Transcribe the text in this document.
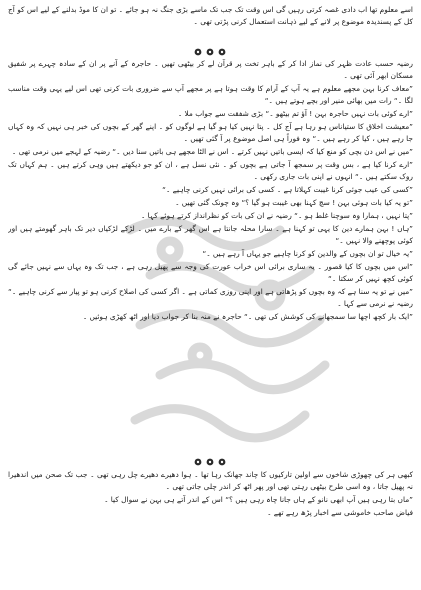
اسے معلوم تھا اب دادی غصہ کرتی رہیں گی اس وقت تک جب تک ماسے بڑی جنگ نہ ہو جائے ۔ تو ان کا موڈ بدلنے کے لیے اس کو آج کل کے پسندیدہ موضوع پر لانے کے لیے ذہانت استعمال کرنی پڑتی تھی ۔

رضیہ حسب عادت ظہر کی نماز ادا کر کے باہر تخت پر قرآن لے کر بیٹھی تھیں ۔ حاجرہ کے آنے پر ان کے سادہ چہرے پر شفیق مسکان ابھر آئی تھی ۔

”معاف کرنا بہن مجھے معلوم ہے یہ آپ کے آرام کا وقت ہوتا ہے پر مجھے آپ سے ضروری بات کرنی تھی اس لیے یہی وقت مناسب لگا ۔“ رات میں بھائی منیر اور بچے ہوتے ہیں ۔“

”ارے کوئی بات نہیں حاجرہ بہن ! آؤ تم بیٹھو ۔“ بڑی شفقت سے جواب ملا ۔

”معیشت اخلاق کا ستیاناس ہو رہا ہے آج کل ۔ پتا نہیں کیا ہو گیا ہے لوگوں کو ۔ اپنے گھر کے بچوں کی خبر ہی نہیں کہ وہ کہاں جا رہے ہیں ، کیا کر رہے ہیں ۔“ وہ فوراً ہی اصل موضوع پر آ گئی تھیں ۔

”میں نے اس دن بچی کو منع کیا کہ ایسی باتیں نہیں کرتے ۔ اس نے الٹا مجھے ہی باتیں سنا دیں ۔“ رضیہ کے لہجے میں نرمی تھی ۔

”ارے کرنا کیا ہے ، بس وقت پر سمجھ آ جاتی ہے بچوں کو ۔ نئی نسل ہے ، ان کو جو دیکھتے ہیں وہی کرتے ہیں ۔ ہم کہاں تک روک سکتے ہیں ۔“ انہوں نے اپنی بات جاری رکھی ۔

”کسی کی عیب جوئی کرنا غیبت کہلاتا ہے ۔ کسی کی برائی نہیں کرنی چاہیے ۔“

”تو یہ کیا بات ہوئی بہن ! سچ کہنا بھی غیبت ہو گیا ؟“ وہ چونک گئی تھیں ۔

”پتا نہیں ، ہمارا وہ سوچنا غلط ہو ۔“ رضیہ نے ان کی بات کو نظرانداز کرتے ہوئے کہا ۔

”ہاں ! بہن ہمارے دین کا یہی تو کہنا ہے ۔ سارا محلہ جانتا ہے اس گھر کے بارے میں ۔ لڑکے لڑکیاں دیر تک باہر گھومتے ہیں اور کوئی پوچھنے والا نہیں ۔“

”یہ خیال تو ان بچوں کے والدین کو کرنا چاہیے جو یہاں آ رہے ہیں ۔“

”اس میں بچوں کا کیا قصور ۔ یہ ساری برائی اس خراب عورت کی وجہ سے پھیل رہی ہے ، جب تک وہ یہاں سے نہیں جائے گی کوئی کچھ نہیں کر سکتا ۔“

”میں نے تو یہ سنا ہے کہ وہ بچوں کو پڑھاتی ہے اور اپنی روزی کماتی ہے ۔ اگر کسی کی اصلاح کرنی ہو تو پیار سے کرنی چاہیے ۔“ رضیہ نے نرمی سے کہا ۔

”ایک بار کچھ اچھا سا سمجھانے کی کوشش کی تھی ۔“ حاجرہ نے منہ بنا کر جواب دیا اور اٹھ کھڑی ہوئیں ۔

کبھی ہر کی چھوڑی شاخوں سے اولین تارکیوں کا چاند جھانک رہا تھا ۔ ہوا دھیرے دھیرے چل رہی تھی ۔ جب تک صحن میں اندھیرا نہ پھیل جاتا ، وہ اسی طرح بیٹھی رہتی تھی اور پھر اٹھ کر اندر چلی جاتی تھی ۔

”ماں بتا رہی ہیں آپ ابھی نانو کے ہاں جانا چاہ رہی ہیں ؟“ اس کے اندر آتے ہی بہن نے سوال کیا ۔

فیاض صاحب خاموشی سے اخبار پڑھ رہے تھے ۔
